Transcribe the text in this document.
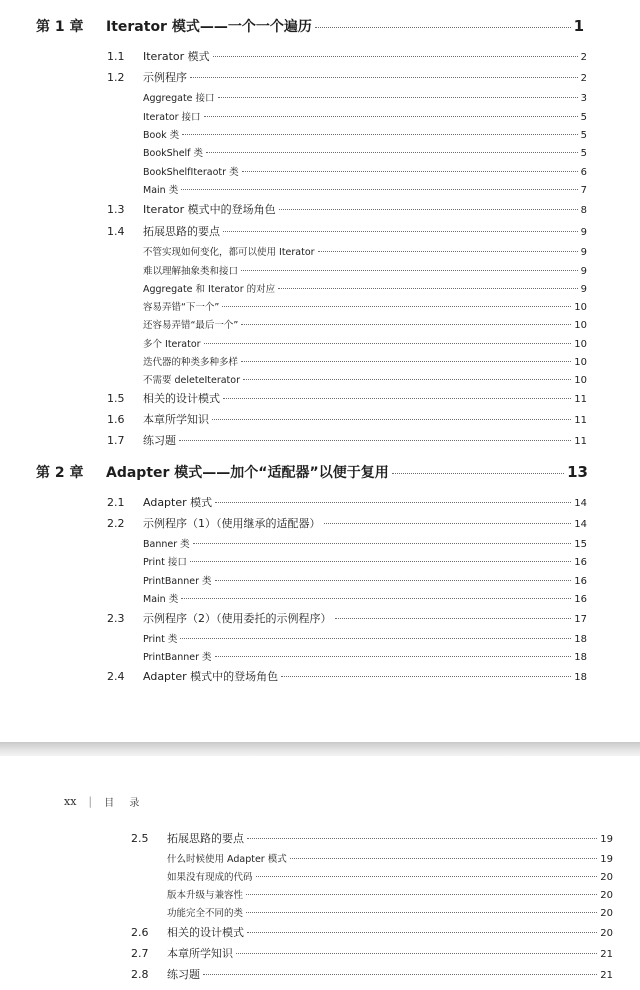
第 1 章 Iterator 模式——一个一个遍历	1
1.1 Iterator 模式	2
1.2 示例程序	2
Aggregate 接口	3
Iterator 接口	5
Book 类	5
BookShelf 类	5
BookShelfIteraotr 类	6
Main 类	7
1.3 Iterator 模式中的登场角色	8
1.4 拓展思路的要点	9
不管实现如何变化，都可以使用 Iterator	9
难以理解抽象类和接口	9
Aggregate 和 Iterator 的对应	9
容易弄错“下一个”	10
还容易弄错“最后一个”	10
多个 Iterator	10
迭代器的种类多种多样	10
不需要 deleteIterator	10
1.5 相关的设计模式	11
1.6 本章所学知识	11
1.7 练习题	11
第 2 章 Adapter 模式——加个“适配器”以便于复用	13
2.1 Adapter 模式	14
2.2 示例程序（1）（使用继承的适配器）	14
Banner 类	15
Print 接口	16
PrintBanner 类	16
Main 类	16
2.3 示例程序（2）（使用委托的示例程序）	17
Print 类	18
PrintBanner 类	18
2.4 Adapter 模式中的登场角色	18
xx | 目 录
2.5 拓展思路的要点	19
什么时候使用 Adapter 模式	19
如果没有现成的代码	20
版本升级与兼容性	20
功能完全不同的类	20
2.6 相关的设计模式	20
2.7 本章所学知识	21
2.8 练习题	21
